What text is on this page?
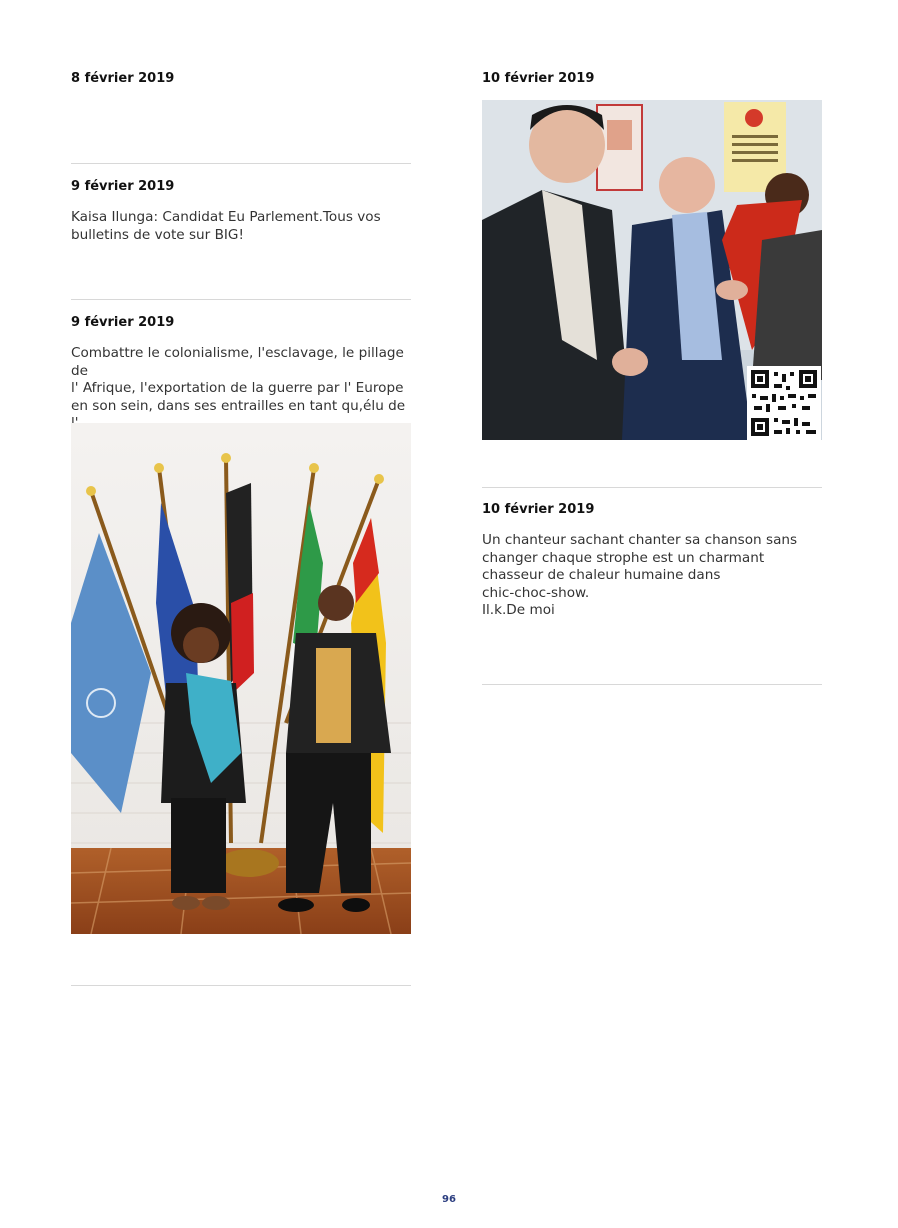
8 février 2019
9 février 2019

Kaisa Ilunga: Candidat Eu Parlement.Tous vos

bulletins de vote sur BIG!

9 février 2019

Combattre le colonialisme, l'esclavage, le pillage de

l' Afrique, l'exportation de la guerre par l' Europe

en son sein, dans ses entrailles en tant qu,élu de

10 février 2019
10 février 2019

Un chanteur sachant chanter sa chanson sans

changer chaque strophe est un charmant

chasseur de chaleur humaine dans

chic-choc-show.

Il.k.De moi

96
